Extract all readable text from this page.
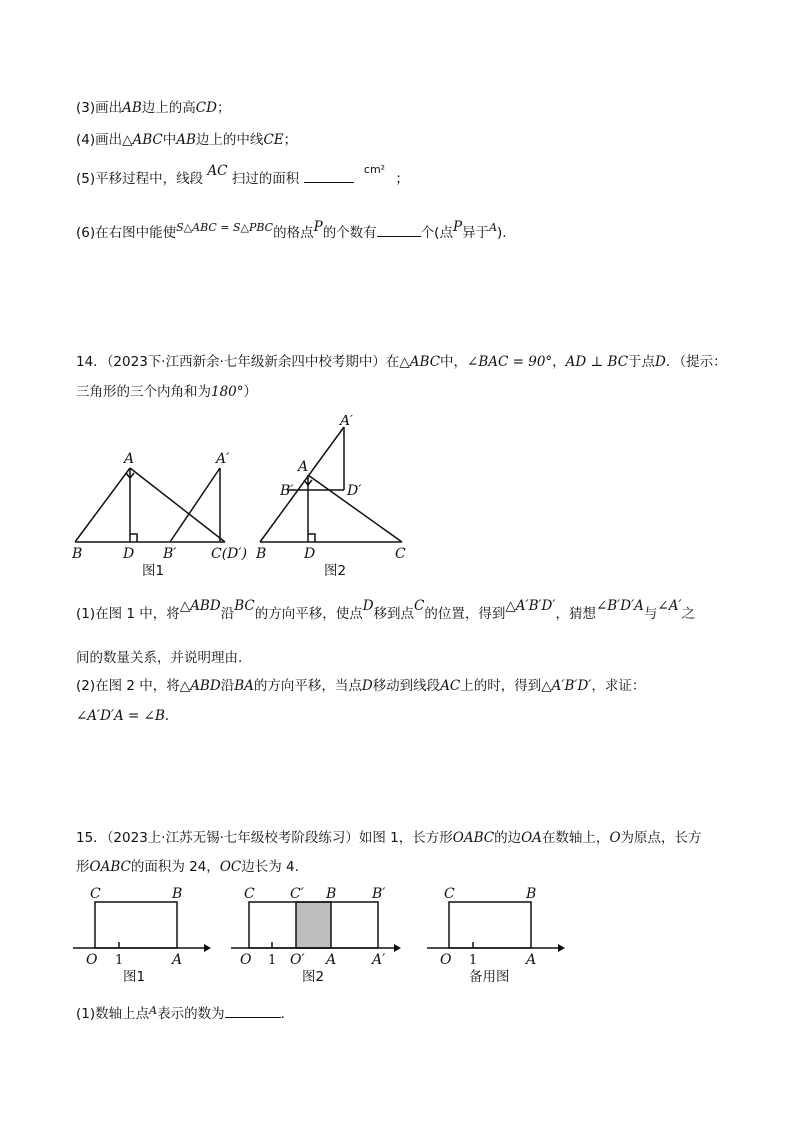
(3)画出AB边上的高CD；
(4)画出△ABC中AB边上的中线CE；
(5)平移过程中，线段 AC 扫过的面积  $^{cm^2}$ ；
(6)在右图中能使$^{S\triangle ABC = S\triangle PBC}$的格点P的个数有	个(点P异于$^A$).
14．（2023下·江西新余·七年级新余四中校考期中）在△ABC中，∠BAC = 90°，AD ⊥ BC于点D．（提示：
三角形的三个内角和为180°）
A	A′
B	D B′ C(D′)
图1
A′
A
B′	D′
B	D	C
图2
(1)在图 1 中，将△ABD沿BC的方向平移，使点D移到点C的位置，得到△A′B′D′，猜想∠B′D′A与∠A′之
间的数量关系，并说明理由.
(2)在图 2 中，将△ABD沿BA的方向平移，当点D移动到线段AC上的时，得到△A′B′D′，求证：
∠A′D′A = ∠B.
15．（2023上·江苏无锡·七年级校考阶段练习）如图 1，长方形OABC的边OA在数轴上，O为原点，长方
形OABC的面积为 24，OC边长为 4.
C	B
O 1	A
图1
C	C′ B	B′
O 1 O′ A	A′
图2
C	B
O 1	A
备用图
(1)数轴上点$^A$表示的数为	.
